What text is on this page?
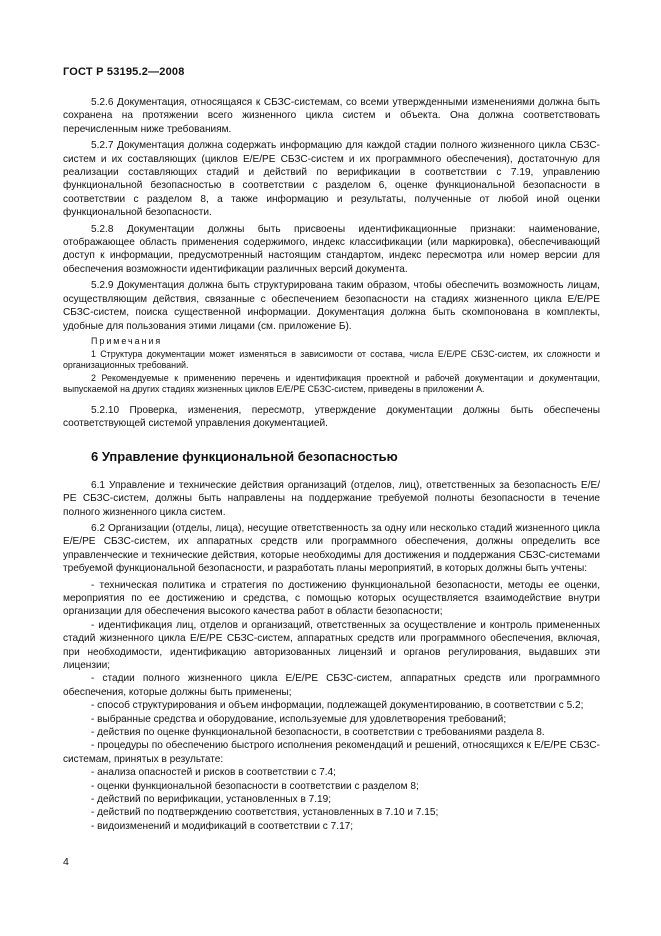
ГОСТ Р 53195.2—2008
5.2.6 Документация, относящаяся к СБЗС-системам, со всеми утвержденными изменениями должна быть сохранена на протяжении всего жизненного цикла систем и объекта. Она должна соответствовать перечисленным ниже требованиям.
5.2.7 Документация должна содержать информацию для каждой стадии полного жизненного цикла СБЗС-систем и их составляющих (циклов Е/Е/РЕ СБЗС-систем и их программного обеспечения), достаточную для реализации составляющих стадий и действий по верификации в соответствии с 7.19, управлению функциональной безопасностью в соответствии с разделом 6, оценке функциональной безопасности в соответствии с разделом 8, а также информацию и результаты, полученные от любой иной оценки функциональной безопасности.
5.2.8 Документации должны быть присвоены идентификационные признаки: наименование, отображающее область применения содержимого, индекс классификации (или маркировка), обеспечивающий доступ к информации, предусмотренный настоящим стандартом, индекс пересмотра или номер версии для обеспечения возможности идентификации различных версий документа.
5.2.9 Документация должна быть структурирована таким образом, чтобы обеспечить возможность лицам, осуществляющим действия, связанные с обеспечением безопасности на стадиях жизненного цикла Е/Е/РЕ СБЗС-систем, поиска существенной информации. Документация должна быть скомпонована в комплекты, удобные для пользования этими лицами (см. приложение Б).
Примечания
1 Структура документации может изменяться в зависимости от состава, числа Е/Е/РЕ СБЗС-систем, их сложности и организационных требований.
2 Рекомендуемые к применению перечень и идентификация проектной и рабочей документации и документации, выпускаемой на других стадиях жизненных циклов Е/Е/РЕ СБЗС-систем, приведены в приложении А.
5.2.10 Проверка, изменения, пересмотр, утверждение документации должны быть обеспечены соответствующей системой управления документацией.
6 Управление функциональной безопасностью
6.1 Управление и технические действия организаций (отделов, лиц), ответственных за безопасность Е/Е/РЕ СБЗС-систем, должны быть направлены на поддержание требуемой полноты безопасности в течение полного жизненного цикла систем.
6.2 Организации (отделы, лица), несущие ответственность за одну или несколько стадий жизненного цикла Е/Е/РЕ СБЗС-систем, их аппаратных средств или программного обеспечения, должны определить все управленческие и технические действия, которые необходимы для достижения и поддержания СБЗС-системами требуемой функциональной безопасности, и разработать планы мероприятий, в которых должны быть учтены:
- техническая политика и стратегия по достижению функциональной безопасности, методы ее оценки, мероприятия по ее достижению и средства, с помощью которых осуществляется взаимодействие внутри организации для обеспечения высокого качества работ в области безопасности;
- идентификация лиц, отделов и организаций, ответственных за осуществление и контроль примененных стадий жизненного цикла Е/Е/РЕ СБЗС-систем, аппаратных средств или программного обеспечения, включая, при необходимости, идентификацию авторизованных лицензий и органов регулирования, выдавших эти лицензии;
- стадии полного жизненного цикла Е/Е/РЕ СБЗС-систем, аппаратных средств или программного обеспечения, которые должны быть применены;
- способ структурирования и объем информации, подлежащей документированию, в соответствии с 5.2;
- выбранные средства и оборудование, используемые для удовлетворения требований;
- действия по оценке функциональной безопасности, в соответствии с требованиями раздела 8.
- процедуры по обеспечению быстрого исполнения рекомендаций и решений, относящихся к Е/Е/РЕ СБЗС-системам, принятых в результате:
- анализа опасностей и рисков в соответствии с 7.4;
- оценки функциональной безопасности в соответствии с разделом 8;
- действий по верификации, установленных в 7.19;
- действий по подтверждению соответствия, установленных в 7.10 и 7.15;
- видоизменений и модификаций в соответствии с 7.17;
4
